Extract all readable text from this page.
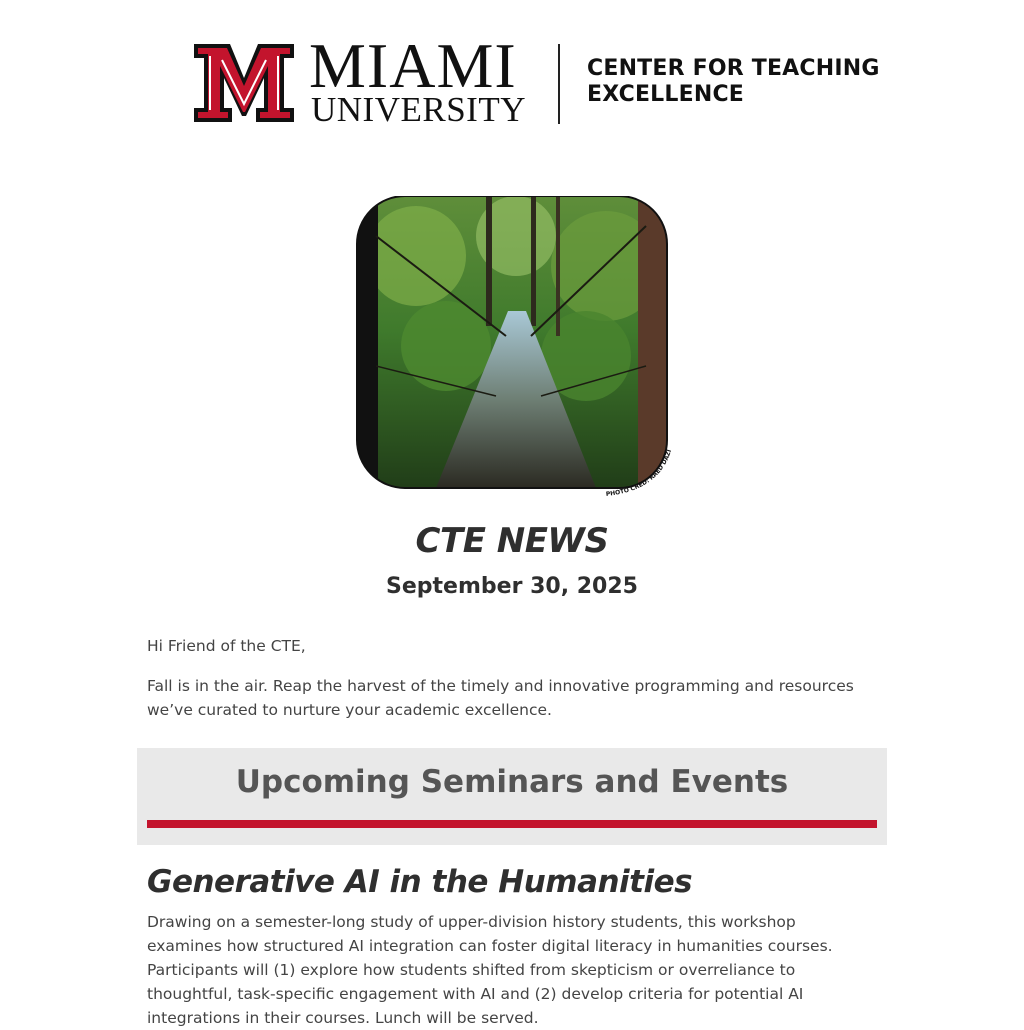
MIAMI
UNIVERSITY
CENTER FOR TEACHING
EXCELLENCE
PHOTO CRED: RAED DAZI
CTE NEWS
September 30, 2025
Hi Friend of the CTE,
Fall is in the air. Reap the harvest of the timely and innovative programming and resources we’ve curated to nurture your academic excellence.
Upcoming Seminars and Events
Generative AI in the Humanities
Drawing on a semester-long study of upper-division history students, this workshop examines how structured AI integration can foster digital literacy in humanities courses. Participants will (1) explore how students shifted from skepticism or overreliance to thoughtful, task-specific engagement with AI and (2) develop criteria for potential AI integrations in their courses. Lunch will be served.
